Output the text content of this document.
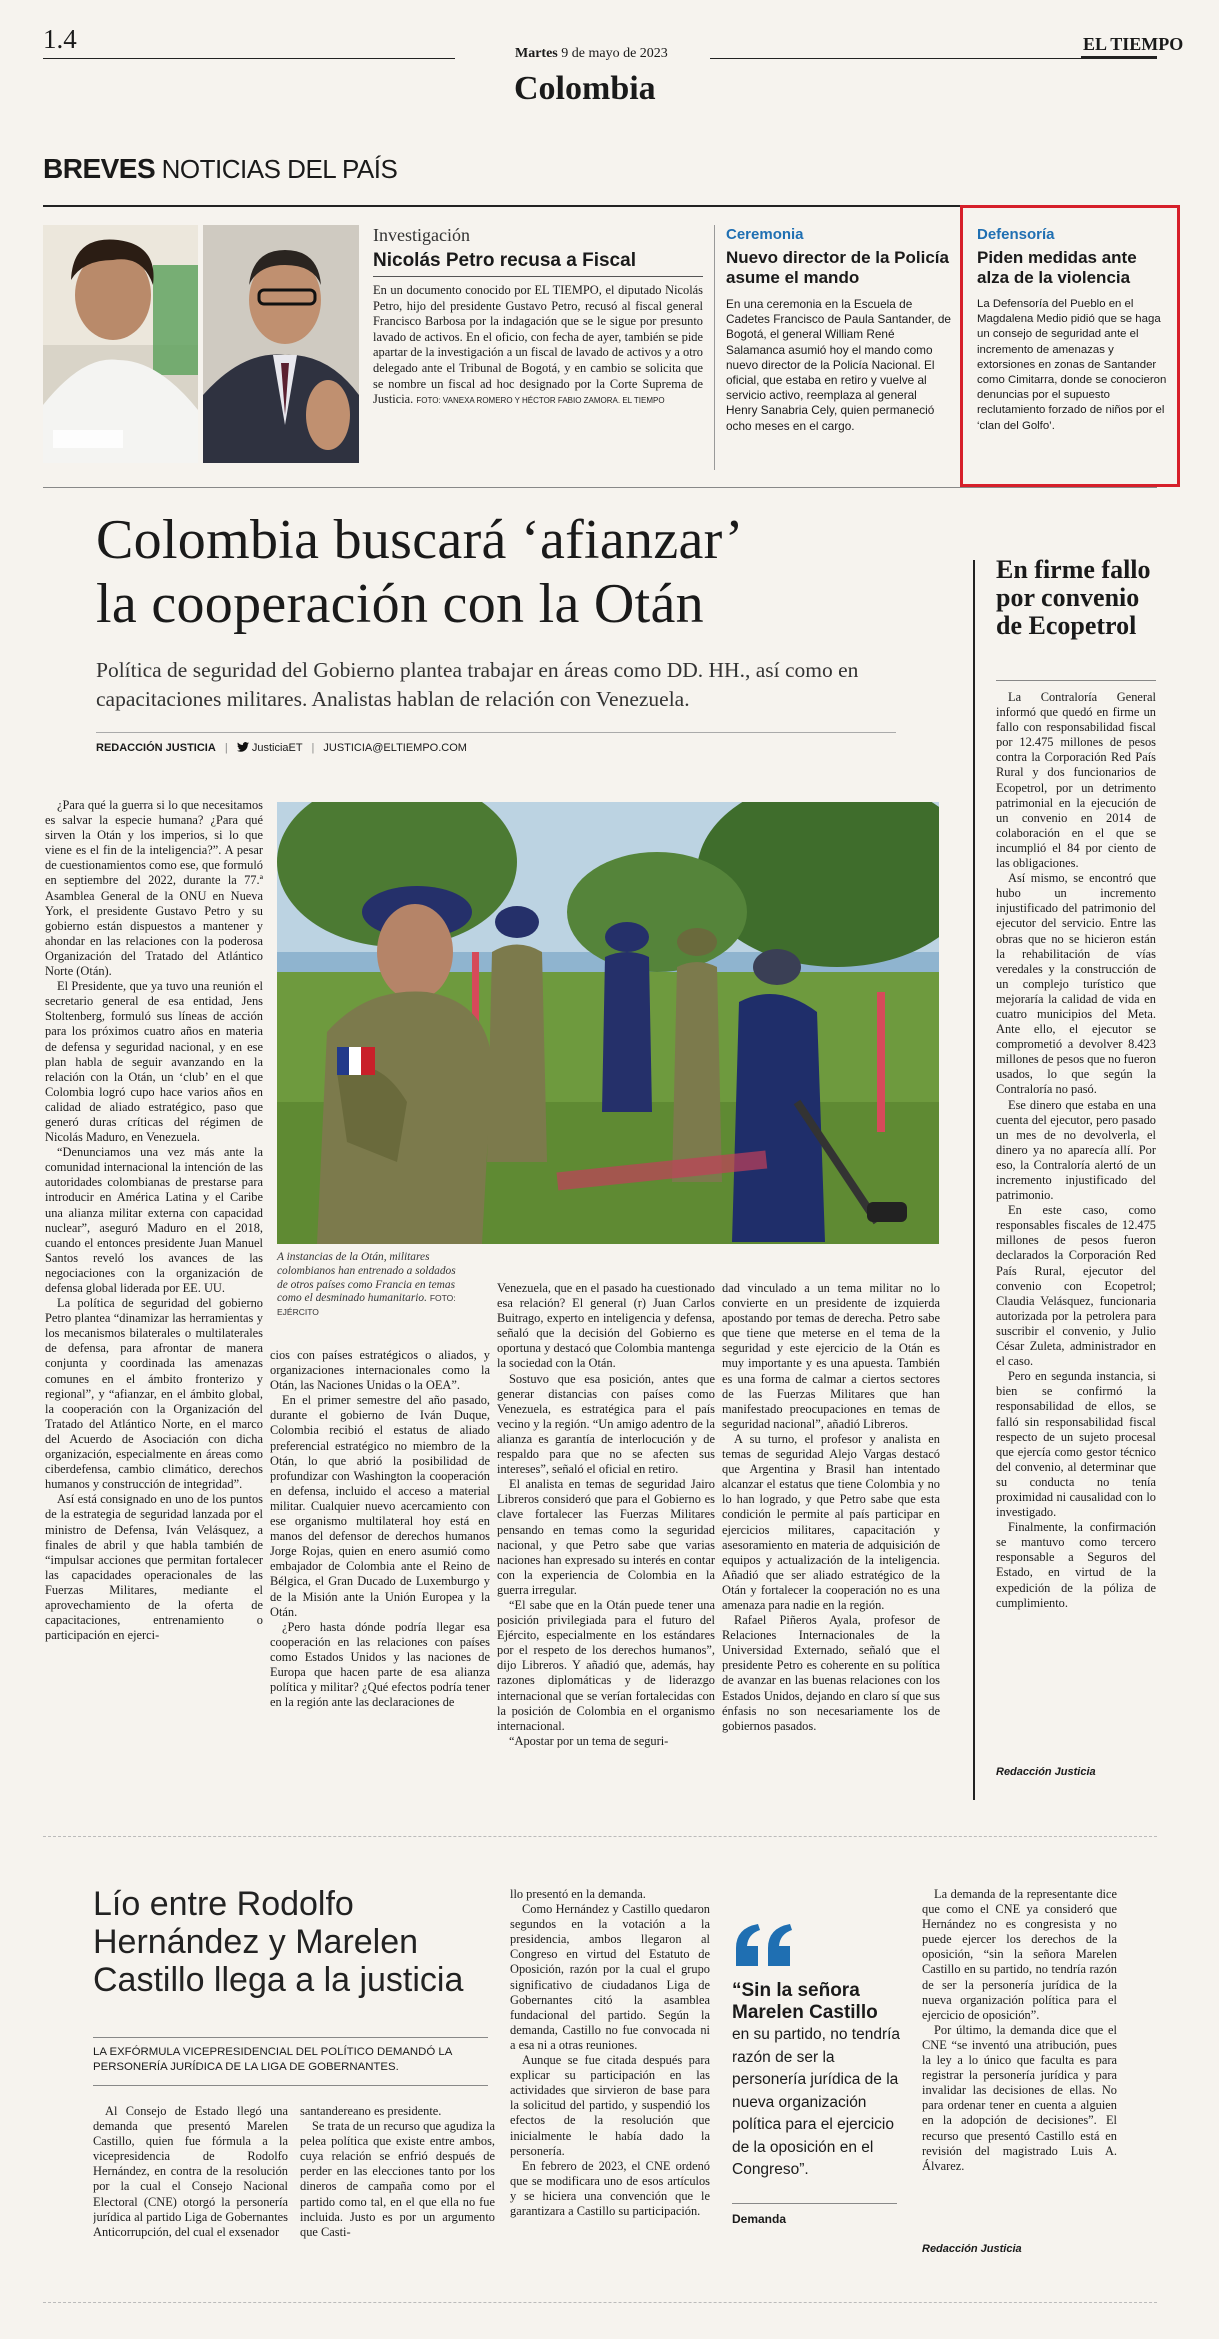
1.4	Martes 9 de mayo de 2023
Colombia
EL TIEMPO
BREVES NOTICIAS DEL PAÍS
Investigación
Nicolás Petro recusa a Fiscal
En un documento conocido por EL TIEMPO, el diputado Nicolás Petro, hijo del presidente Gustavo Petro, recusó al fiscal general Francisco Barbosa por la indagación que se le sigue por presunto lavado de activos. En el oficio, con fecha de ayer, también se pide apartar de la investigación a un fiscal de lavado de activos y a otro delegado ante el Tribunal de Bogotá, y en cambio se solicita que se nombre un fiscal ad hoc designado por la Corte Suprema de Justicia. FOTO: VANEXA ROMERO Y HÉCTOR FABIO ZAMORA. EL TIEMPO
Ceremonia
Nuevo director de la Policía asume el mando
En una ceremonia en la Escuela de Cadetes Francisco de Paula Santander, de Bogotá, el general William René Salamanca asumió hoy el mando como nuevo director de la Policía Nacional. El oficial, que estaba en retiro y vuelve al servicio activo, reemplaza al general Henry Sanabria Cely, quien permaneció ocho meses en el cargo.
Defensoría
Piden medidas ante alza de la violencia
La Defensoría del Pueblo en el Magdalena Medio pidió que se haga un consejo de seguridad ante el incremento de amenazas y extorsiones en zonas de Santander como Cimitarra, donde se conocieron denuncias por el supuesto reclutamiento forzado de niños por el ‘clan del Golfo’.
Colombia buscará ‘afianzar’
la cooperación con la Otán
Política de seguridad del Gobierno plantea trabajar en áreas como DD. HH., así como en capacitaciones militares. Analistas hablan de relación con Venezuela.
REDACCIÓN JUSTICIA | JusticiaET | JUSTICIA@ELTIEMPO.COM
A instancias de la Otán, militares colombianos han entrenado a soldados de otros países como Francia en temas como el desminado humanitario. FOTO: EJÉRCITO

¿Para qué la guerra si lo que necesitamos es salvar la especie humana? ¿Para qué sirven la Otán y los imperios, si lo que viene es el fin de la inteligencia?”. A pesar de cuestionamientos como ese, que formuló en septiembre del 2022, durante la 77.ª Asamblea General de la ONU en Nueva York, el presidente Gustavo Petro y su gobierno están dispuestos a mantener y ahondar en las relaciones con la poderosa Organización del Tratado del Atlántico Norte (Otán).

El Presidente, que ya tuvo una reunión el secretario general de esa entidad, Jens Stoltenberg, formuló sus líneas de acción para los próximos cuatro años en materia de defensa y seguridad nacional, y en ese plan habla de seguir avanzando en la relación con la Otán, un ‘club’ en el que Colombia logró cupo hace varios años en calidad de aliado estratégico, paso que generó duras críticas del régimen de Nicolás Maduro, en Venezuela.

“Denunciamos una vez más ante la comunidad internacional la intención de las autoridades colombianas de prestarse para introducir en América Latina y el Caribe una alianza militar externa con capacidad nuclear”, aseguró Maduro en el 2018, cuando el entonces presidente Juan Manuel Santos reveló los avances de las negociaciones con la organización de defensa global liderada por EE. UU.

La política de seguridad del gobierno Petro plantea “dinamizar las herramientas y los mecanismos bilaterales o multilaterales de defensa, para afrontar de manera conjunta y coordinada las amenazas comunes en el ámbito fronterizo y regional”, y “afianzar, en el ámbito global, la cooperación con la Organización del Tratado del Atlántico Norte, en el marco del Acuerdo de Asociación con dicha organización, especialmente en áreas como ciberdefensa, cambio climático, derechos humanos y construcción de integridad”.

Así está consignado en uno de los puntos de la estrategia de seguridad lanzada por el ministro de Defensa, Iván Velásquez, a finales de abril y que habla también de “impulsar acciones que permitan fortalecer las capacidades operacionales de las Fuerzas Militares, mediante el aprovechamiento de la oferta de capacitaciones, entrenamiento o participación en ejerci-

cios con países estratégicos o aliados, y organizaciones internacionales como la Otán, las Naciones Unidas o la OEA”.

En el primer semestre del año pasado, durante el gobierno de Iván Duque, Colombia recibió el estatus de aliado preferencial estratégico no miembro de la Otán, lo que abrió la posibilidad de profundizar con Washington la cooperación en defensa, incluido el acceso a material militar. Cualquier nuevo acercamiento con ese organismo multilateral hoy está en manos del defensor de derechos humanos Jorge Rojas, quien en enero asumió como embajador de Colombia ante el Reino de Bélgica, el Gran Ducado de Luxemburgo y de la Misión ante la Unión Europea y la Otán.

¿Pero hasta dónde podría llegar esa cooperación en las relaciones con países como Estados Unidos y las naciones de Europa que hacen parte de esa alianza política y militar? ¿Qué efectos podría tener en la región ante las declaraciones de

Venezuela, que en el pasado ha cuestionado esa relación? El general (r) Juan Carlos Buitrago, experto en inteligencia y defensa, señaló que la decisión del Gobierno es oportuna y destacó que Colombia mantenga la sociedad con la Otán.

Sostuvo que esa posición, antes que generar distancias con países como Venezuela, es estratégica para el país vecino y la región. “Un amigo adentro de la alianza es garantía de interlocución y de respaldo para que no se afecten sus intereses”, señaló el oficial en retiro.

El analista en temas de seguridad Jairo Libreros consideró que para el Gobierno es clave fortalecer las Fuerzas Militares pensando en temas como la seguridad nacional, y que Petro sabe que varias naciones han expresado su interés en contar con la experiencia de Colombia en la guerra irregular.

“El sabe que en la Otán puede tener una posición privilegiada para el futuro del Ejército, especialmente en los estándares por el respeto de los derechos humanos”, dijo Libreros. Y añadió que, además, hay razones diplomáticas y de liderazgo internacional que se verían fortalecidas con la posición de Colombia en el organismo internacional.

“Apostar por un tema de seguri-

dad vinculado a un tema militar no lo convierte en un presidente de izquierda apostando por temas de derecha. Petro sabe que tiene que meterse en el tema de la seguridad y este ejercicio de la Otán es muy importante y es una apuesta. También es una forma de calmar a ciertos sectores de las Fuerzas Militares que han manifestado preocupaciones en temas de seguridad nacional”, añadió Libreros.

A su turno, el profesor y analista en temas de seguridad Alejo Vargas destacó que Argentina y Brasil han intentado alcanzar el estatus que tiene Colombia y no lo han logrado, y que Petro sabe que esta condición le permite al país participar en ejercicios militares, capacitación y asesoramiento en materia de adquisición de equipos y actualización de la inteligencia. Añadió que ser aliado estratégico de la Otán y fortalecer la cooperación no es una amenaza para nadie en la región.

Rafael Piñeros Ayala, profesor de Relaciones Internacionales de la Universidad Externado, señaló que el presidente Petro es coherente en su política de avanzar en las buenas relaciones con los Estados Unidos, dejando en claro sí que sus énfasis no son necesariamente los de gobiernos pasados.

En firme fallo por convenio de Ecopetrol

La Contraloría General informó que quedó en firme un fallo con responsabilidad fiscal por 12.475 millones de pesos contra la Corporación Red País Rural y dos funcionarios de Ecopetrol, por un detrimento patrimonial en la ejecución de un convenio en 2014 de colaboración en el que se incumplió el 84 por ciento de las obligaciones.

Así mismo, se encontró que hubo un incremento injustificado del patrimonio del ejecutor del servicio. Entre las obras que no se hicieron están la rehabilitación de vías veredales y la construcción de un complejo turístico que mejoraría la calidad de vida en cuatro municipios del Meta. Ante ello, el ejecutor se comprometió a devolver 8.423 millones de pesos que no fueron usados, lo que según la Contraloría no pasó.

Ese dinero que estaba en una cuenta del ejecutor, pero pasado un mes de no devolverla, el dinero ya no aparecía allí. Por eso, la Contraloría alertó de un incremento injustificado del patrimonio.

En este caso, como responsables fiscales de 12.475 millones de pesos fueron declarados la Corporación Red País Rural, ejecutor del convenio con Ecopetrol; Claudia Velásquez, funcionaria autorizada por la petrolera para suscribir el convenio, y Julio César Zuleta, administrador en el caso.

Pero en segunda instancia, si bien se confirmó la responsabilidad de ellos, se falló sin responsabilidad fiscal respecto de un sujeto procesal que ejercía como gestor técnico del convenio, al determinar que su conducta no tenía proximidad ni causalidad con lo investigado.

Finalmente, la confirmación se mantuvo como tercero responsable a Seguros del Estado, en virtud de la expedición de la póliza de cumplimiento.

Redacción Justicia
Lío entre Rodolfo
Hernández y Marelen
Castillo llega a la justicia
LA EXFÓRMULA VICEPRESIDENCIAL DEL POLÍTICO DEMANDÓ LA PERSONERÍA JURÍDICA DE LA LIGA DE GOBERNANTES.

Al Consejo de Estado llegó una demanda que presentó Marelen Castillo, quien fue fórmula a la vicepresidencia de Rodolfo Hernández, en contra de la resolución por la cual el Consejo Nacional Electoral (CNE) otorgó la personería jurídica al partido Liga de Gobernantes Anticorrupción, del cual el exsenador

santandereano es presidente.

Se trata de un recurso que agudiza la pelea política que existe entre ambos, cuya relación se enfrió después de perder en las elecciones tanto por los dineros de campaña como por el partido como tal, en el que ella no fue incluida. Justo es por un argumento que Casti-

llo presentó en la demanda.

Como Hernández y Castillo quedaron segundos en la votación a la presidencia, ambos llegaron al Congreso en virtud del Estatuto de Oposición, razón por la cual el grupo significativo de ciudadanos Liga de Gobernantes citó la asamblea fundacional del partido. Según la demanda, Castillo no fue convocada ni a esa ni a otras reuniones.

Aunque se fue citada después para explicar su participación en las actividades que sirvieron de base para la solicitud del partido, y suspendió los efectos de la resolución que inicialmente le había dado la personería.

En febrero de 2023, el CNE ordenó que se modificara uno de esos artículos y se hiciera una convención que le garantizara a Castillo su participación.

“Sin la señora Marelen Castillo
en su partido, no tendría razón de ser la personería jurídica de la nueva organización política para el ejercicio de la oposición en el Congreso”.
Demanda

La demanda de la representante dice que como el CNE ya consideró que Hernández no es congresista y no puede ejercer los derechos de la oposición, “sin la señora Marelen Castillo en su partido, no tendría razón de ser la personería jurídica de la nueva organización política para el ejercicio de oposición”.

Por último, la demanda dice que el CNE “se inventó una atribución, pues la ley a lo único que faculta es para registrar la personería jurídica y para invalidar las decisiones de ellas. No para ordenar tener en cuenta a alguien en la adopción de decisiones”. El recurso que presentó Castillo está en revisión del magistrado Luis A. Álvarez.

Redacción Justicia
